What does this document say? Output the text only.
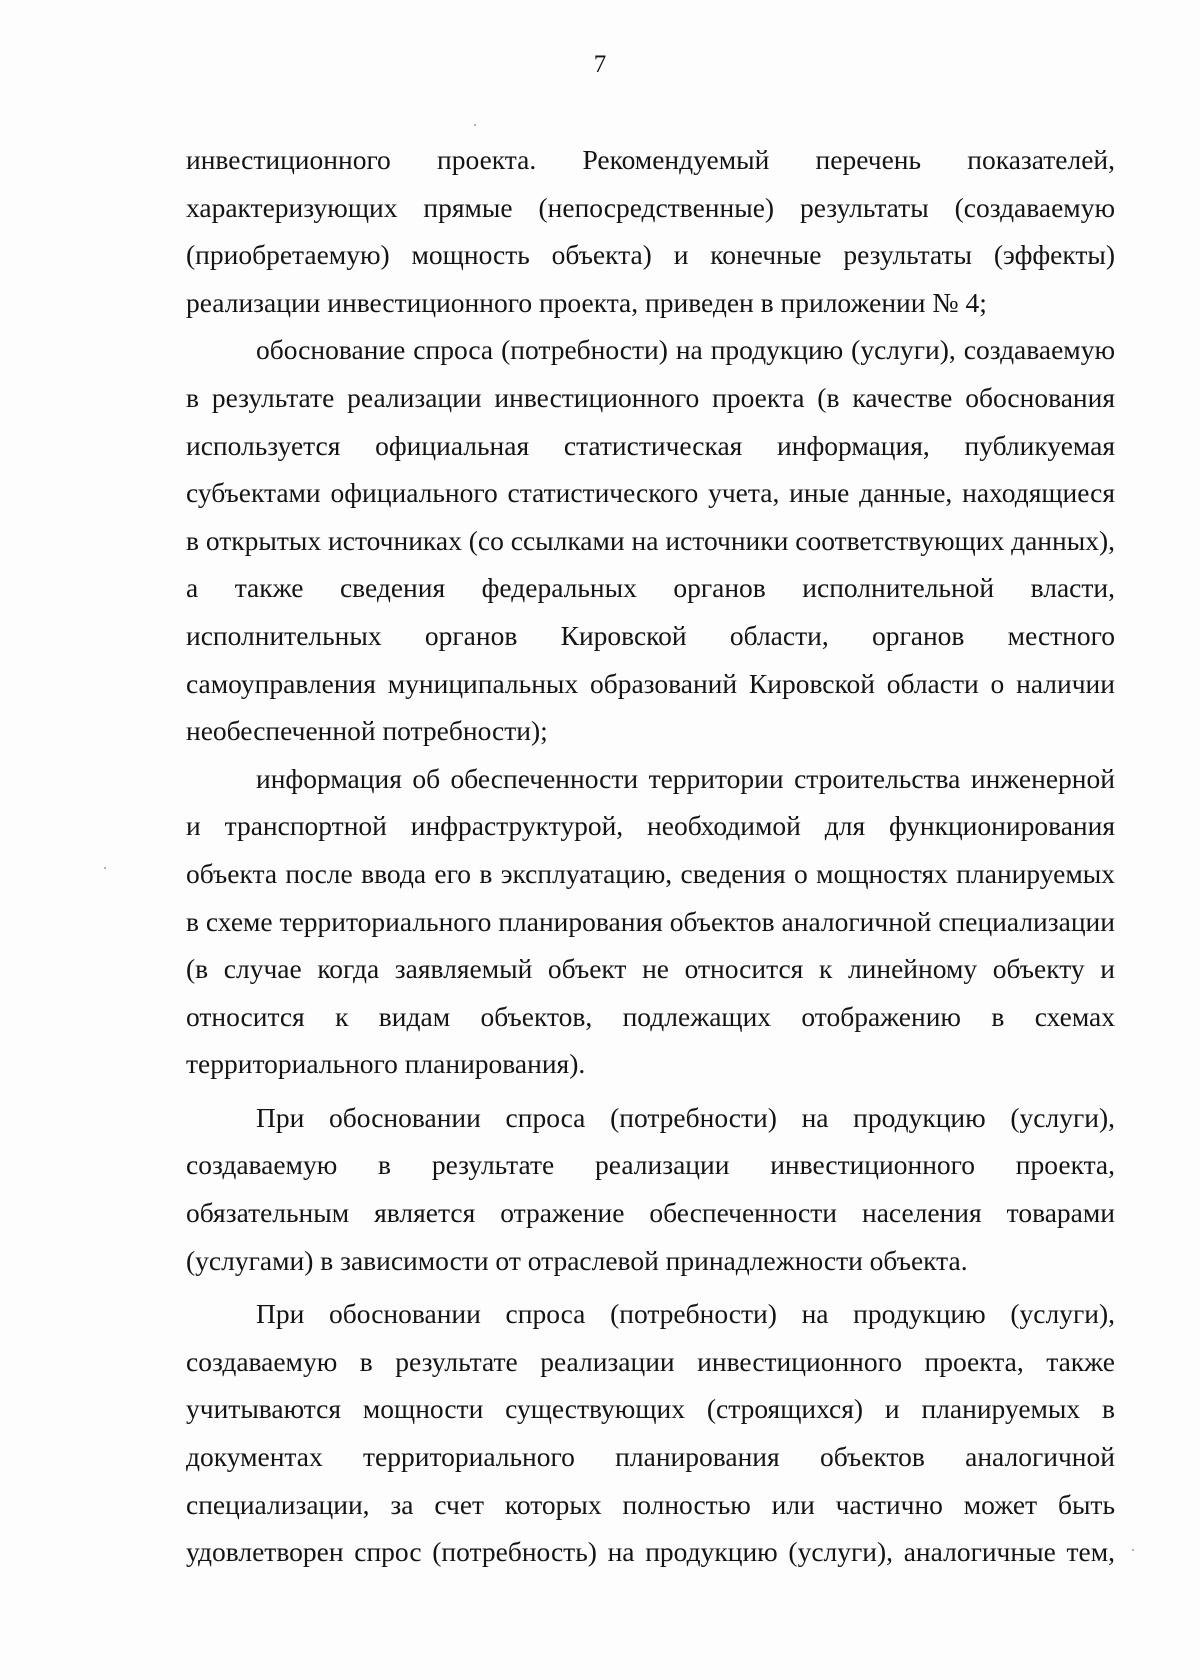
7

инвестиционного проекта. Рекомендуемый перечень показателей,
характеризующих прямые (непосредственные) результаты (создаваемую
(приобретаемую) мощность объекта) и конечные результаты (эффекты)
реализации инвестиционного проекта, приведен в приложении № 4;

обоснование спроса (потребности) на продукцию (услуги), создаваемую
в результате реализации инвестиционного проекта (в качестве обоснования
используется официальная статистическая информация, публикуемая
субъектами официального статистического учета, иные данные, находящиеся
в открытых источниках (со ссылками на источники соответствующих данных),
а также сведения федеральных органов исполнительной власти,
исполнительных органов Кировской области, органов местного
самоуправления муниципальных образований Кировской области о наличии
необеспеченной потребности);

информация об обеспеченности территории строительства инженерной
и транспортной инфраструктурой, необходимой для функционирования
объекта после ввода его в эксплуатацию, сведения о мощностях планируемых
в схеме территориального планирования объектов аналогичной специализации
(в случае когда заявляемый объект не относится к линейному объекту и
относится к видам объектов, подлежащих отображению в схемах
территориального планирования).

При обосновании спроса (потребности) на продукцию (услуги),
создаваемую в результате реализации инвестиционного проекта,
обязательным является отражение обеспеченности населения товарами
(услугами) в зависимости от отраслевой принадлежности объекта.

При обосновании спроса (потребности) на продукцию (услуги),
создаваемую в результате реализации инвестиционного проекта, также
учитываются мощности существующих (строящихся) и планируемых в
документах территориального планирования объектов аналогичной
специализации, за счет которых полностью или частично может быть
удовлетворен спрос (потребность) на продукцию (услуги), аналогичные тем,
